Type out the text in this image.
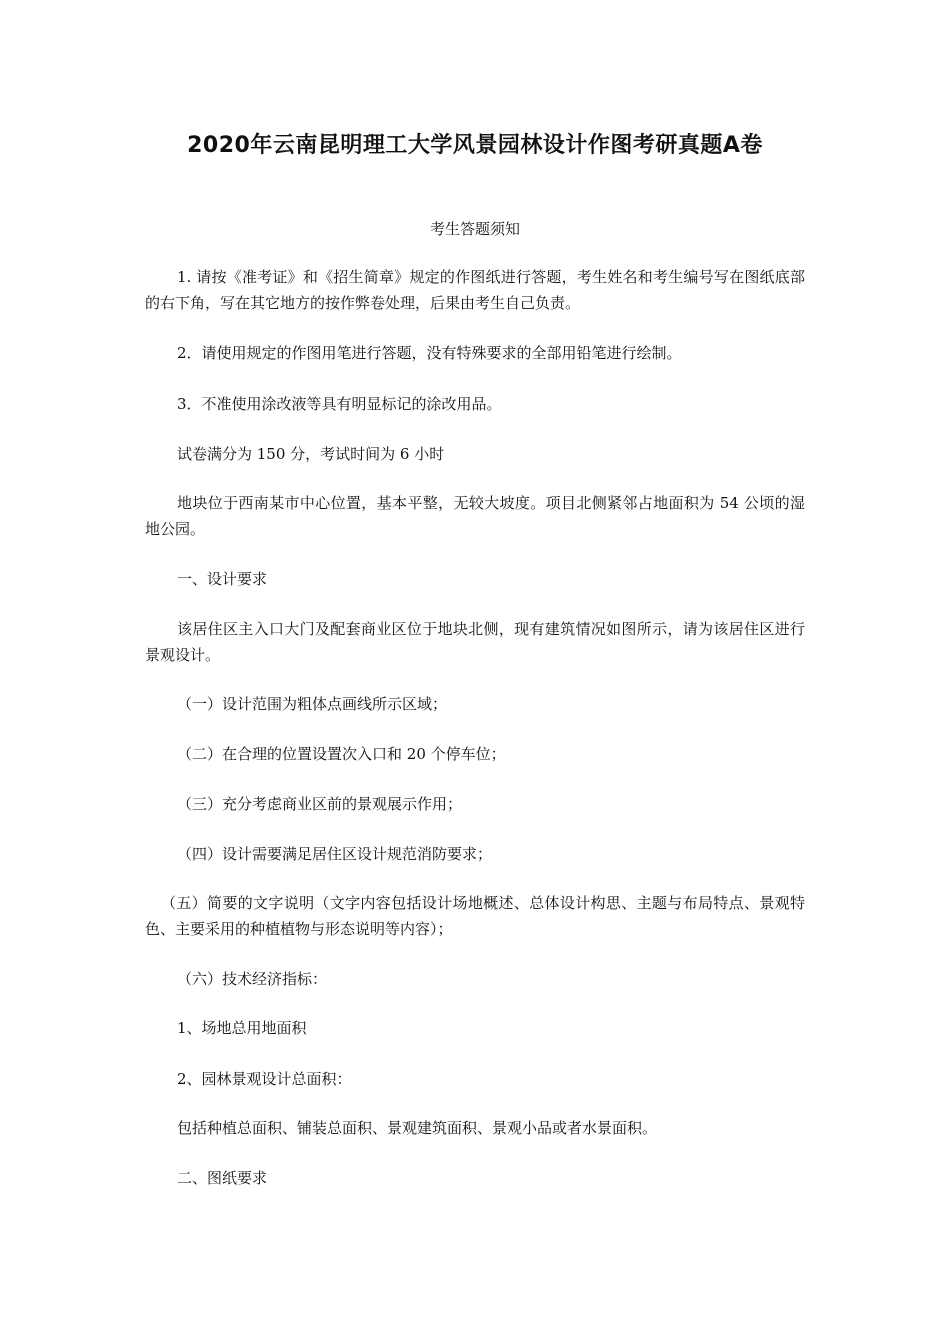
2020年云南昆明理工大学风景园林设计作图考研真题A卷
考生答题须知
1. 请按《准考证》和《招生简章》规定的作图纸进行答题，考生姓名和考生编号写在图纸底部的右下角，写在其它地方的按作弊卷处理，后果由考生自己负责。
2．请使用规定的作图用笔进行答题，没有特殊要求的全部用铅笔进行绘制。
3．不准使用涂改液等具有明显标记的涂改用品。
试卷满分为 150 分，考试时间为 6 小时
地块位于西南某市中心位置，基本平整，无较大坡度。项目北侧紧邻占地面积为 54 公顷的湿地公园。
一、设计要求
该居住区主入口大门及配套商业区位于地块北侧，现有建筑情况如图所示，请为该居住区进行景观设计。
（一）设计范围为粗体点画线所示区域；
（二）在合理的位置设置次入口和 20 个停车位；
（三）充分考虑商业区前的景观展示作用；
（四）设计需要满足居住区设计规范消防要求；
（五）简要的文字说明（文字内容包括设计场地概述、总体设计构思、主题与布局特点、景观特色、主要采用的种植植物与形态说明等内容）；
（六）技术经济指标：
1、场地总用地面积
2、园林景观设计总面积：
包括种植总面积、铺装总面积、景观建筑面积、景观小品或者水景面积。
二、图纸要求
